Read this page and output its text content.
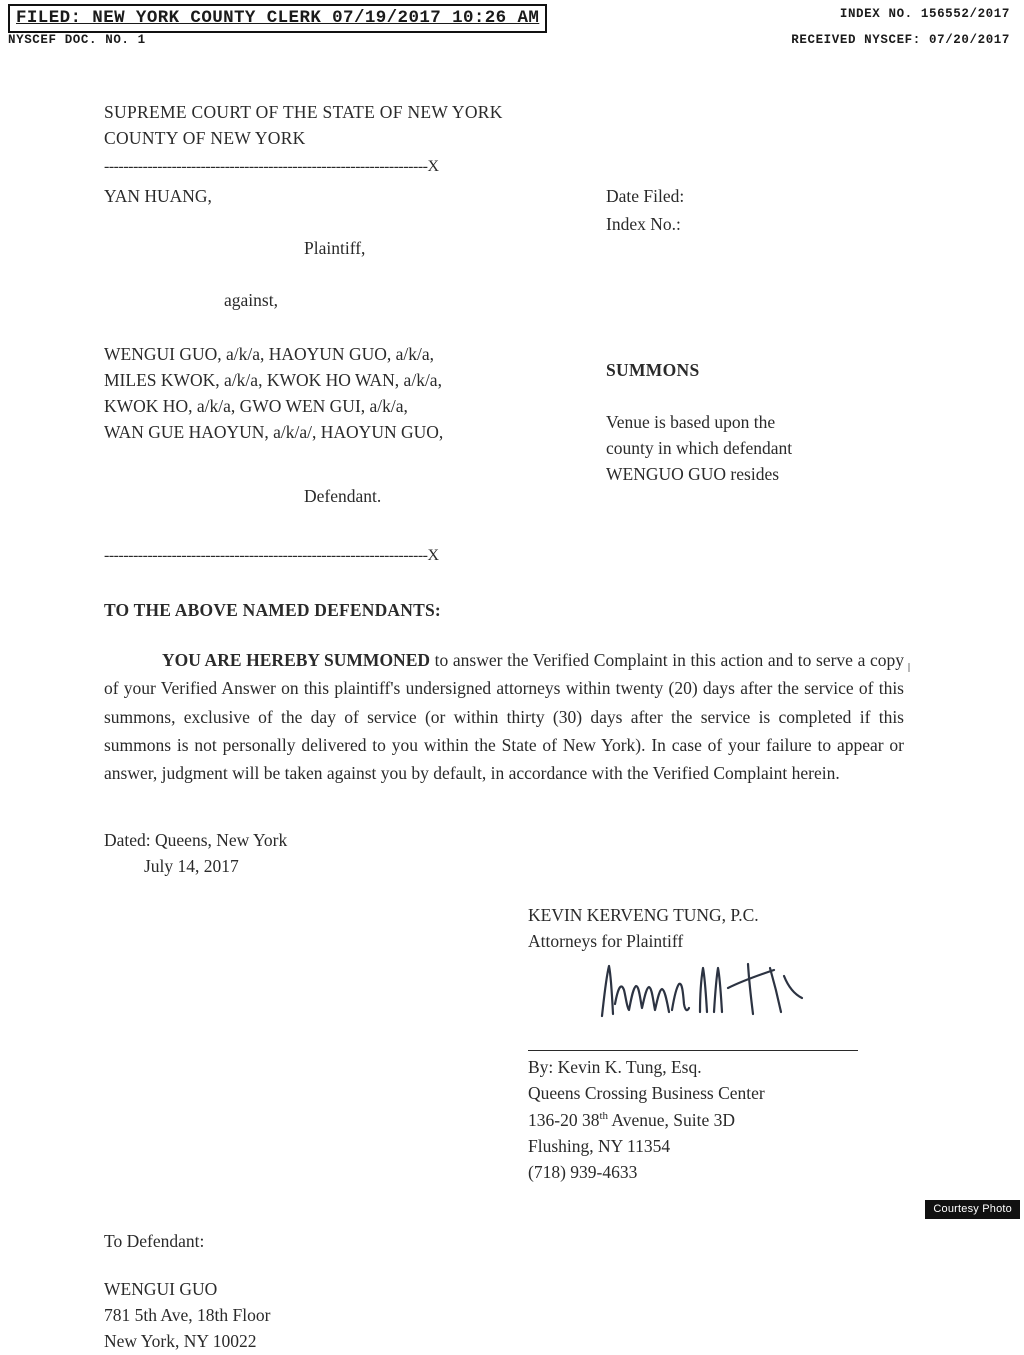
FILED: NEW YORK COUNTY CLERK 07/19/2017 10:26 AM
NYSCEF DOC. NO. 1
INDEX NO. 156552/2017
RECEIVED NYSCEF: 07/20/2017
SUPREME COURT OF THE STATE OF NEW YORK
COUNTY OF NEW YORK
-------------------------------------------------------------------X
YAN HUANG,
Plaintiff,
against,
WENGUI GUO, a/k/a, HAOYUN GUO, a/k/a,
MILES KWOK, a/k/a, KWOK HO WAN, a/k/a,
KWOK HO, a/k/a, GWO WEN GUI, a/k/a,
WAN GUE HAOYUN, a/k/a/, HAOYUN GUO,
Defendant.
Date Filed:
Index No.:
SUMMONS
Venue is based upon the
county in which defendant
WENGUO GUO resides
-------------------------------------------------------------------X
TO THE ABOVE NAMED DEFENDANTS:
YOU ARE HEREBY SUMMONED to answer the Verified Complaint in this action and to serve a copy of your Verified Answer on this plaintiff's undersigned attorneys within twenty (20) days after the service of this summons, exclusive of the day of service (or within thirty (30) days after the service is completed if this summons is not personally delivered to you within the State of New York). In case of your failure to appear or answer, judgment will be taken against you by default, in accordance with the Verified Complaint herein.
Dated: Queens, New York
July 14, 2017
KEVIN KERVENG TUNG, P.C.
Attorneys for Plaintiff
By: Kevin K. Tung, Esq.
Queens Crossing Business Center
136-20 38th Avenue, Suite 3D
Flushing, NY 11354
(718) 939-4633
To Defendant:
WENGUI GUO
781 5th Ave, 18th Floor
New York, NY 10022
Courtesy Photo
